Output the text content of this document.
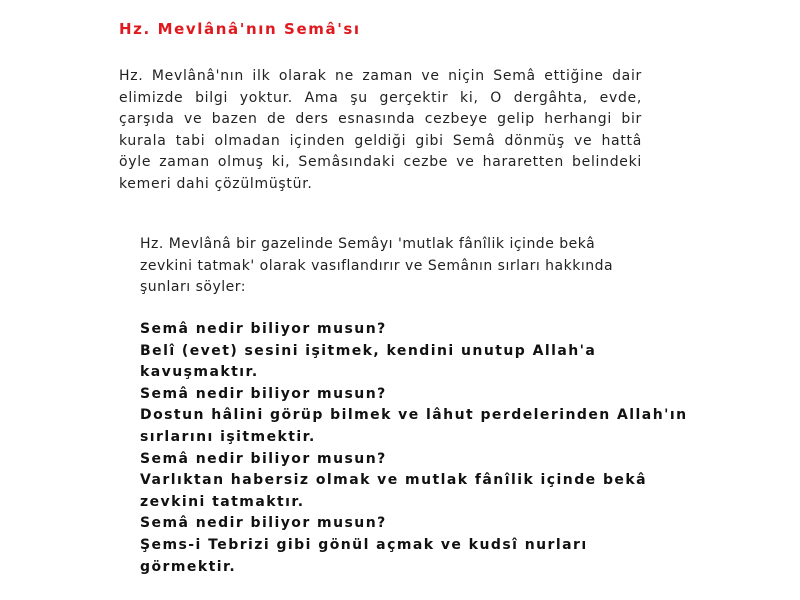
Hz. Mevlânâ'nın Semâ'sı

Hz. Mevlânâ'nın ilk olarak ne zaman ve niçin Semâ ettiğine dair
elimizde bilgi yoktur. Ama şu gerçektir ki, O dergâhta, evde,
çarşıda ve bazen de ders esnasında cezbeye gelip herhangi bir
kurala tabi olmadan içinden geldiği gibi Semâ dönmüş ve hattâ
öyle zaman olmuş ki, Semâsındaki cezbe ve hararetten belindeki
kemeri dahi çözülmüştür.

Hz. Mevlânâ bir gazelinde Semâyı 'mutlak fânîlik içinde bekâ
zevkini tatmak' olarak vasıflandırır ve Semânın sırları hakkında
şunları söyler:

Semâ nedir biliyor musun?
Belî (evet) sesini işitmek, kendini unutup Allah'a
kavuşmaktır.
Semâ nedir biliyor musun?
Dostun hâlini görüp bilmek ve lâhut perdelerinden Allah'ın
sırlarını işitmektir.
Semâ nedir biliyor musun?
Varlıktan habersiz olmak ve mutlak fânîlik içinde bekâ
zevkini tatmaktır.
Semâ nedir biliyor musun?
Şems-i Tebrizi gibi gönül açmak ve kudsî nurları
görmektir.
